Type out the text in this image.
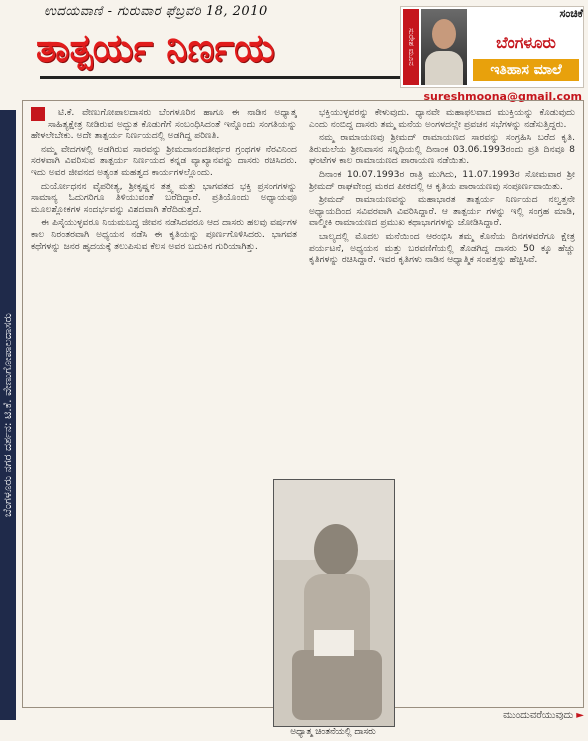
ಉದಯವಾಣಿ - ಗುರುವಾರ ಫೆಬ್ರವರಿ 18, 2010
ತಾತ್ಪರ್ಯ ನಿರ್ಣಯ	ಸುರೇಶ ಮೂನ
ಸಂಚಿಕೆ
ಬೆಂಗಳೂರು
ಇತಿಹಾಸ ಮಾಲೆ
sureshmoona@gmail.com
ಬೆಂಗಳೂರು ನಗರ ದರ್ಶನ: ಟಿ.ಕೆ. ವೇಣುಗೋಪಾಲದಾಸರು

ಟಿ.ಕೆ. ವೇಣುಗೋಪಾಲದಾಸರು ಬೆಂಗಳೂರಿನ ಹಾಗೂ ಈ ನಾಡಿನ ಅಧ್ಯಾತ್ಮ ಸಾಹಿತ್ಯಕ್ಷೇತ್ರ ನೀಡಿರುವ ಅದ್ಭುತ ಕೊಡುಗೆಗೆ ಸಂಬಂಧಿಸಿದಂತೆ ಇನ್ನೊಂದು ಸಂಗತಿಯನ್ನು ಹೇಳಲೇಬೇಕು. ಅದೇ ತಾತ್ಪರ್ಯ ನಿರ್ಣಯದಲ್ಲಿ ಅಡಗಿದ್ದ ಪರಿಣತಿ.

ನಮ್ಮ ವೇದಗಳಲ್ಲಿ ಅಡಗಿರುವ ಸಾರವನ್ನು ಶ್ರೀಮದಾನಂದತೀರ್ಥರ ಗ್ರಂಥಗಳ ನೆರವಿನಿಂದ ಸರಳವಾಗಿ ವಿವರಿಸುವ ತಾತ್ಪರ್ಯ ನಿರ್ಣಯದ ಕನ್ನಡ ವ್ಯಾಖ್ಯಾನವನ್ನು ದಾಸರು ರಚಿಸಿದರು. ಇದು ಅವರ ಜೀವನದ ಅತ್ಯಂತ ಮಹತ್ವದ ಕಾರ್ಯಗಳಲ್ಲೊಂದು.

ದುರ್ಯೋಧನನ ವೈಪರೀತ್ಯ, ಶ್ರೀಕೃಷ್ಣನ ತತ್ತ್ವ ಮತ್ತು ಭಾಗವತದ ಭಕ್ತಿ ಪ್ರಸಂಗಗಳನ್ನು ಸಾಮಾನ್ಯ ಓದುಗರಿಗೂ ತಿಳಿಯುವಂತೆ ಬರೆದಿದ್ದಾರೆ. ಪ್ರತಿಯೊಂದು ಅಧ್ಯಾಯವೂ ಮೂಲಶ್ಲೋಕಗಳ ಸಂದರ್ಭವನ್ನು ವಿಶದವಾಗಿ ತೆರೆದಿಡುತ್ತದೆ.

ಈ ಪಿಸೈಯುಳ್ಳವರೂ ನಿಯಮಬದ್ಧ ಜೀವನ ನಡೆಸಿದವರೂ ಆದ ದಾಸರು ಹಲವು ವರ್ಷಗಳ ಕಾಲ ನಿರಂತರವಾಗಿ ಅಧ್ಯಯನ ನಡೆಸಿ ಈ ಕೃತಿಯನ್ನು ಪೂರ್ಣಗೊಳಿಸಿದರು. ಭಾಗವತ ಕಥೆಗಳನ್ನು ಜನರ ಹೃದಯಕ್ಕೆ ತಲುಪಿಸುವ ಕೆಲಸ ಅವರ ಬದುಕಿನ ಗುರಿಯಾಗಿತ್ತು.

ಭಕ್ತಿಯುಳ್ಳವರನ್ನು ಕೇಳುವುದು. ಧ್ಯಾನವೇ ಮಹಾಫಲವಾದ ಮುಕ್ತಿಯನ್ನು ಕೊಡುವುದು ಎಂದು ನಂಬಿದ್ದ ದಾಸರು ತಮ್ಮ ಮನೆಯ ಅಂಗಳದಲ್ಲೇ ಪ್ರವಚನ ಸಭೆಗಳನ್ನು ನಡೆಸುತ್ತಿದ್ದರು.

ನಮ್ಮ ರಾಮಾಯಣವು ಶ್ರೀಮದ್ ರಾಮಾಯಣದ ಸಾರವನ್ನು ಸಂಗ್ರಹಿಸಿ ಬರೆದ ಕೃತಿ. ತಿರುಮಲೆಯ ಶ್ರೀನಿವಾಸನ ಸನ್ನಿಧಿಯಲ್ಲಿ ದಿನಾಂಕ 03.06.1993ರಂದು ಪ್ರತಿ ದಿನವೂ 8 ಘಂಟೆಗಳ ಕಾಲ ರಾಮಾಯಣದ ಪಾರಾಯಣ ನಡೆಯಿತು.

ದಿನಾಂಕ 10.07.1993ರ ರಾತ್ರಿ ಮುಗಿದು, 11.07.1993ರ ಸೋಮವಾರ ಶ್ರೀ ಶ್ರೀಮದ್ ರಾಘವೇಂದ್ರ ಮಠದ ಪೀಠದಲ್ಲಿ ಆ ಕೃತಿಯ ಪಾರಾಯಣವು ಸಂಪೂರ್ಣವಾಯಿತು.

ಶ್ರೀಮದ್ ರಾಮಾಯಣವನ್ನು ಮಹಾಭಾರತ ತಾತ್ಪರ್ಯ ನಿರ್ಣಯದ ನಲ್ವತ್ತನೇ ಅಧ್ಯಾಯದಿಂದ ಸವಿವರವಾಗಿ ವಿವರಿಸಿದ್ದಾರೆ. ಆ ತಾತ್ಪರ್ಯ ಗಳನ್ನು ಇಲ್ಲಿ ಸಂಗ್ರಹ ಮಾಡಿ, ವಾಲ್ಮೀಕಿ ರಾಮಾಯಣದ ಪ್ರಮುಖ ಕಥಾಭಾಗಗಳನ್ನು ಜೋಡಿಸಿದ್ದಾರೆ.

ಬಾಲ್ಯದಲ್ಲಿ ಮೊದಲ ಮನೆಯಿಂದ ಆರಂಭಿಸಿ ತಮ್ಮ ಕೊನೆಯ ದಿನಗಳವರೆಗೂ ಕ್ಷೇತ್ರ ಪರ್ಯಟನೆ, ಅಧ್ಯಯನ ಮತ್ತು ಬರವಣಿಗೆಯಲ್ಲಿ ತೊಡಗಿದ್ದ ದಾಸರು 50 ಕ್ಕೂ ಹೆಚ್ಚು ಕೃತಿಗಳನ್ನು ರಚಿಸಿದ್ದಾರೆ. ಇವರ ಕೃತಿಗಳು ನಾಡಿನ ಆಧ್ಯಾತ್ಮಿಕ ಸಂಪತ್ತನ್ನು ಹೆಚ್ಚಿಸಿವೆ.

ಅಧ್ಯಾತ್ಮ ಚಿಂತನೆಯಲ್ಲಿ ದಾಸರು
ಮುಂದುವರೆಯುವುದು ►
